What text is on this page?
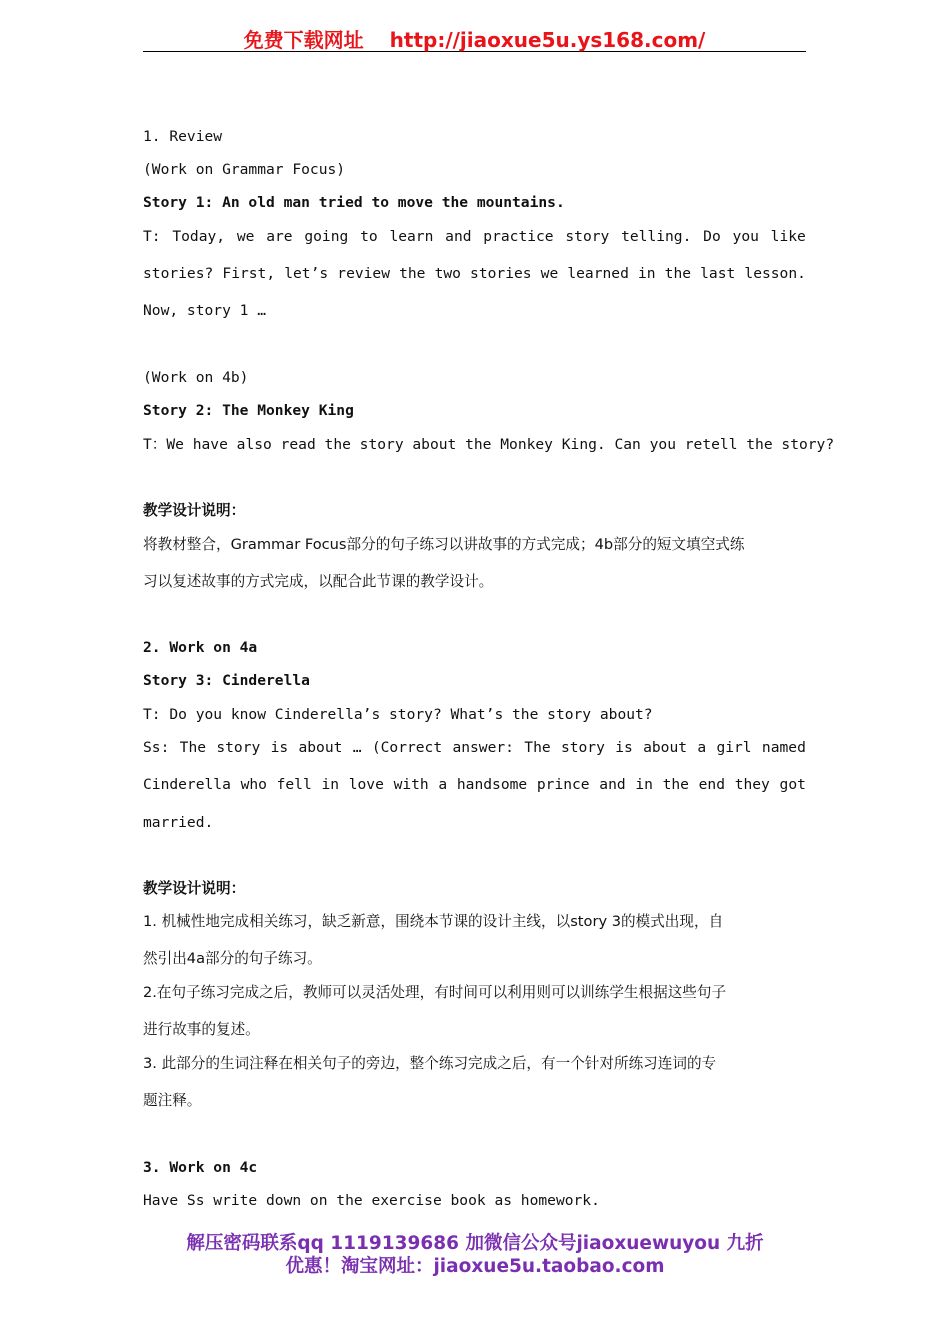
免费下载网址 http://jiaoxue5u.ys168.com/
1. Review
(Work on Grammar Focus)
Story 1: An old man tried to move the mountains.
T: Today, we are going to learn and practice story telling. Do you like
stories? First, let’s review the two stories we learned in the last lesson.
Now, story 1 …
(Work on 4b)
Story 2: The Monkey King
T：We have also read the story about the Monkey King. Can you retell the story?
教学设计说明：
将教材整合，Grammar Focus部分的句子练习以讲故事的方式完成；4b部分的短文填空式练
习以复述故事的方式完成，以配合此节课的教学设计。
2. Work on 4a
Story 3: Cinderella
T: Do you know Cinderella’s story? What’s the story about?
Ss: The story is about … (Correct answer: The story is about a girl named
Cinderella who fell in love with a handsome prince and in the end they got
married.
教学设计说明：
1. 机械性地完成相关练习，缺乏新意，围绕本节课的设计主线，以story 3的模式出现，自
然引出4a部分的句子练习。
2.在句子练习完成之后，教师可以灵活处理，有时间可以利用则可以训练学生根据这些句子
进行故事的复述。
3. 此部分的生词注释在相关句子的旁边，整个练习完成之后，有一个针对所练习连词的专
题注释。
3. Work on 4c
Have Ss write down on the exercise book as homework.
解压密码联系qq 1119139686 加微信公众号jiaoxuewuyou 九折
优惠！淘宝网址：jiaoxue5u.taobao.com
